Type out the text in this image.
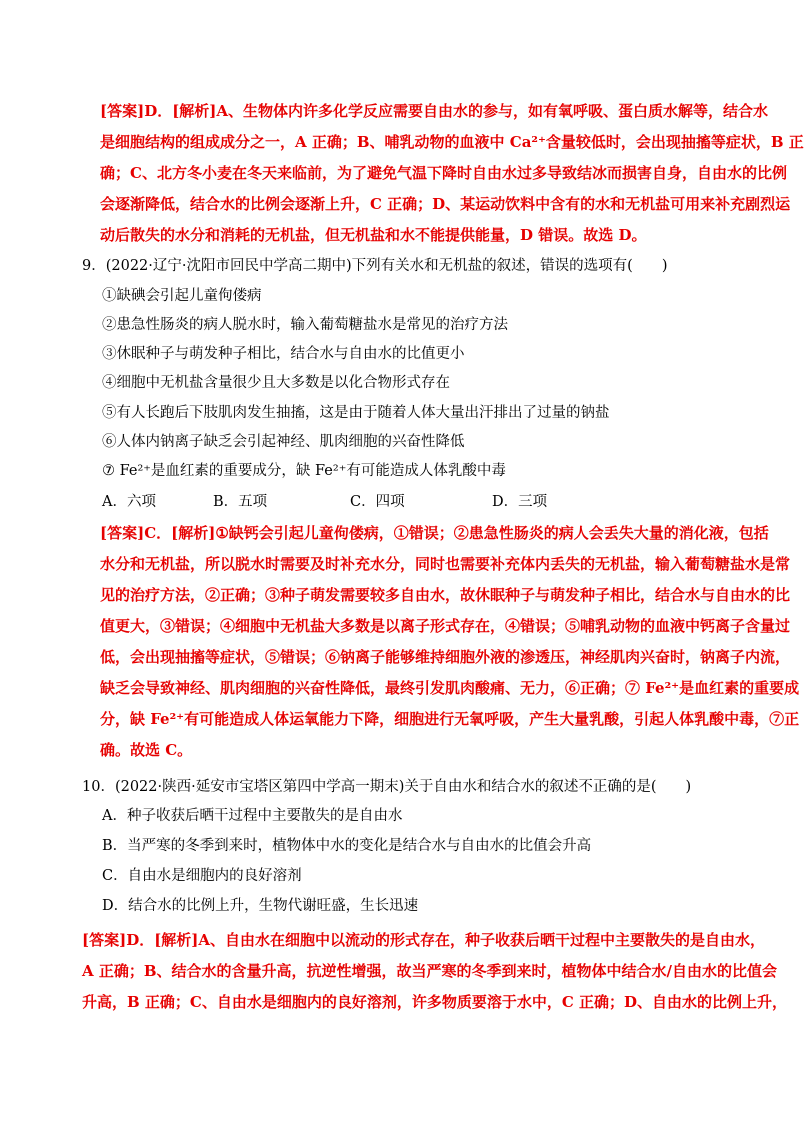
[答案]D．[解析]A、生物体内许多化学反应需要自由水的参与，如有氧呼吸、蛋白质水解等，结合水
是细胞结构的组成成分之一，A 正确；B、哺乳动物的血液中 Ca²⁺含量较低时，会出现抽搐等症状，B 正
确；C、北方冬小麦在冬天来临前，为了避免气温下降时自由水过多导致结冰而损害自身，自由水的比例
会逐渐降低，结合水的比例会逐渐上升，C 正确；D、某运动饮料中含有的水和无机盐可用来补充剧烈运
动后散失的水分和消耗的无机盐，但无机盐和水不能提供能量，D 错误。故选 D。
9．(2022·辽宁·沈阳市回民中学高二期中)下列有关水和无机盐的叙述，错误的选项有(　　)
①缺碘会引起儿童佝偻病
②患急性肠炎的病人脱水时，输入葡萄糖盐水是常见的治疗方法
③休眠种子与萌发种子相比，结合水与自由水的比值更小
④细胞中无机盐含量很少且大多数是以化合物形式存在
⑤有人长跑后下肢肌肉发生抽搐，这是由于随着人体大量出汗排出了过量的钠盐
⑥人体内钠离子缺乏会引起神经、肌肉细胞的兴奋性降低
⑦ Fe²⁺是血红素的重要成分，缺 Fe²⁺有可能造成人体乳酸中毒
A．六项	B．五项	C．四项	D．三项
[答案]C．[解析]①缺钙会引起儿童佝偻病，①错误；②患急性肠炎的病人会丢失大量的消化液，包括
水分和无机盐，所以脱水时需要及时补充水分，同时也需要补充体内丢失的无机盐，输入葡萄糖盐水是常
见的治疗方法，②正确；③种子萌发需要较多自由水，故休眠种子与萌发种子相比，结合水与自由水的比
值更大，③错误；④细胞中无机盐大多数是以离子形式存在，④错误；⑤哺乳动物的血液中钙离子含量过
低，会出现抽搐等症状，⑤错误；⑥钠离子能够维持细胞外液的渗透压，神经肌肉兴奋时，钠离子内流，
缺乏会导致神经、肌肉细胞的兴奋性降低，最终引发肌肉酸痛、无力，⑥正确；⑦ Fe²⁺是血红素的重要成
分，缺 Fe²⁺有可能造成人体运氧能力下降，细胞进行无氧呼吸，产生大量乳酸，引起人体乳酸中毒，⑦正
确。故选 C。
10．(2022·陕西·延安市宝塔区第四中学高一期末)关于自由水和结合水的叙述不正确的是(　　)
A．种子收获后晒干过程中主要散失的是自由水
B．当严寒的冬季到来时，植物体中水的变化是结合水与自由水的比值会升高
C．自由水是细胞内的良好溶剂
D．结合水的比例上升，生物代谢旺盛，生长迅速
[答案]D．[解析]A、自由水在细胞中以流动的形式存在，种子收获后晒干过程中主要散失的是自由水，
A 正确；B、结合水的含量升高，抗逆性增强，故当严寒的冬季到来时，植物体中结合水/自由水的比值会
升高，B 正确；C、自由水是细胞内的良好溶剂，许多物质要溶于水中，C 正确；D、自由水的比例上升，
